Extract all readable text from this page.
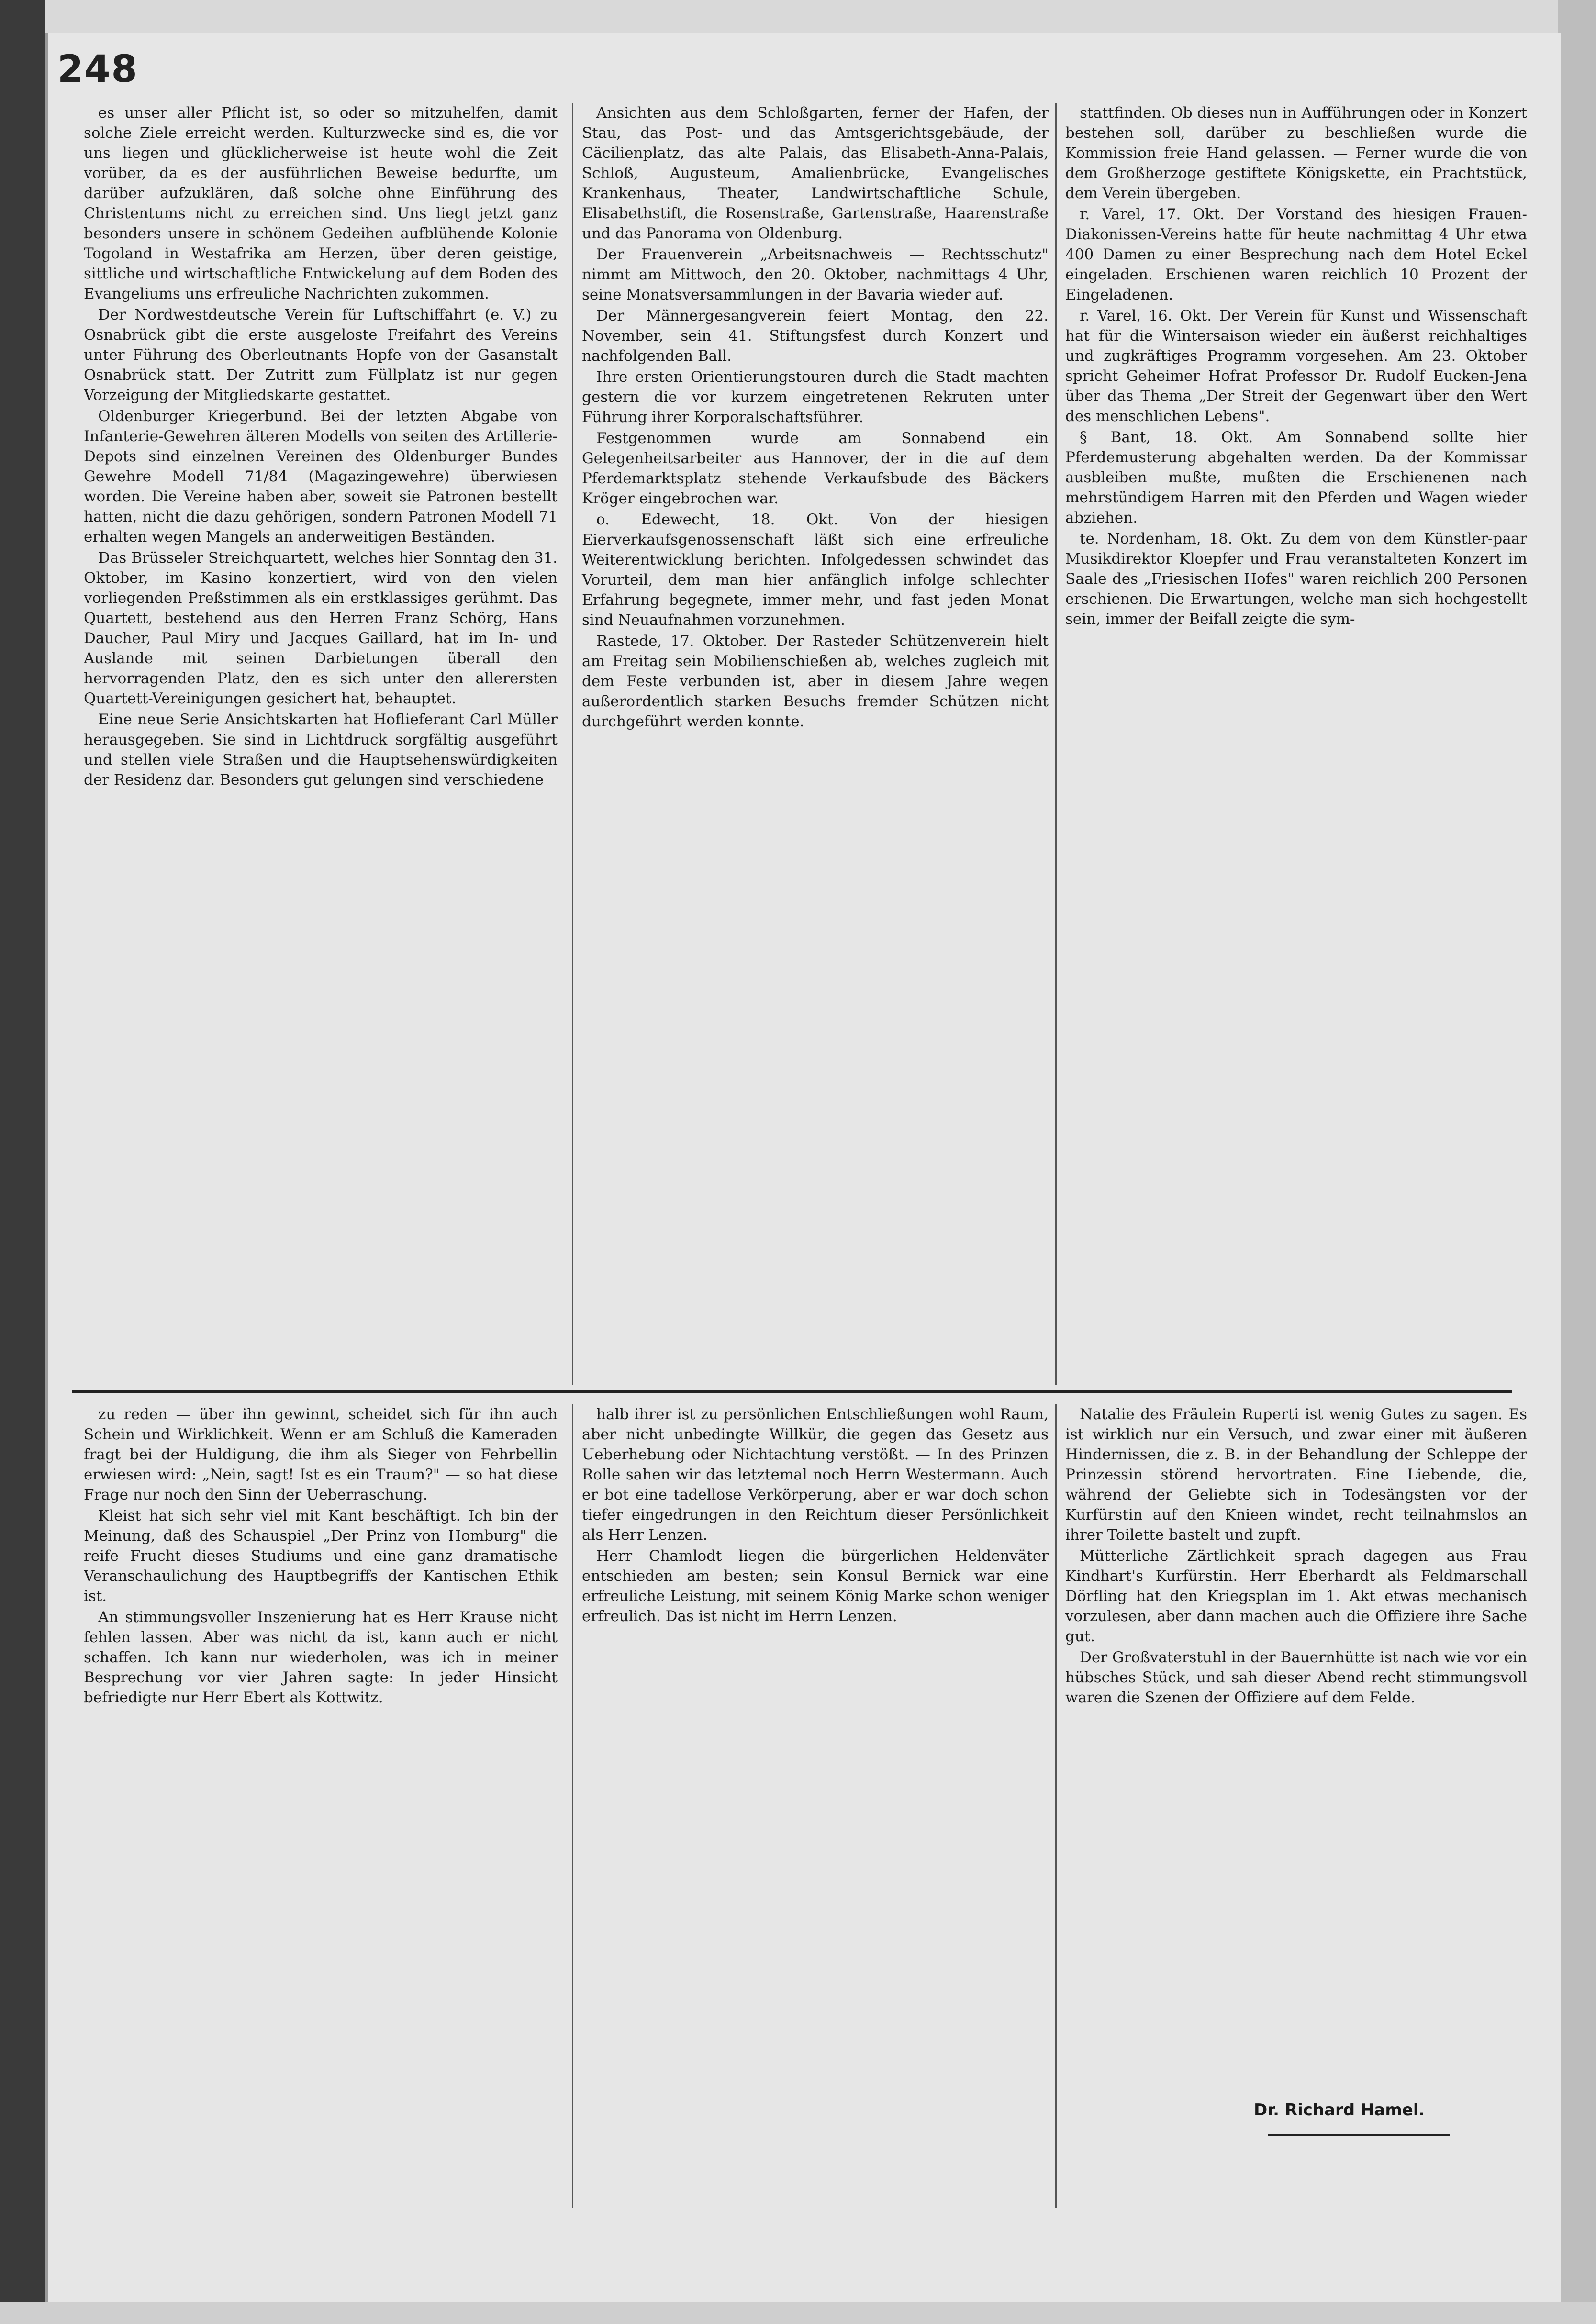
248

es unser aller Pflicht ist, so oder so mitzuhelfen, damit solche Ziele erreicht werden. Kulturzwecke sind es, die vor uns liegen und glücklicherweise ist heute wohl die Zeit vorüber, da es der ausführlichen Beweise bedurfte, um darüber aufzuklären, daß solche ohne Einführung des Christentums nicht zu erreichen sind. Uns liegt jetzt ganz besonders unsere in schönem Gedeihen aufblühende Kolonie Togoland in Westafrika am Herzen, über deren geistige, sittliche und wirtschaftliche Entwickelung auf dem Boden des Evangeliums uns erfreuliche Nachrichten zukommen.

Der Nordwestdeutsche Verein für Luftschiffahrt (e. V.) zu Osnabrück gibt die erste ausgeloste Freifahrt des Vereins unter Führung des Oberleutnants Hopfe von der Gasanstalt Osnabrück statt. Der Zutritt zum Füllplatz ist nur gegen Vorzeigung der Mitgliedskarte gestattet.

Oldenburger Kriegerbund. Bei der letzten Abgabe von Infanterie-Gewehren älteren Modells von seiten des Artillerie-Depots sind einzelnen Vereinen des Oldenburger Bundes Gewehre Modell 71/84 (Magazingewehre) überwiesen worden. Die Vereine haben aber, soweit sie Patronen bestellt hatten, nicht die dazu gehörigen, sondern Patronen Modell 71 erhalten wegen Mangels an anderweitigen Beständen.

Das Brüsseler Streichquartett, welches hier Sonntag den 31. Oktober, im Kasino konzertiert, wird von den vielen vorliegenden Preßstimmen als ein erstklassiges gerühmt. Das Quartett, bestehend aus den Herren Franz Schörg, Hans Daucher, Paul Miry und Jacques Gaillard, hat im In- und Auslande mit seinen Darbietungen überall den hervorragenden Platz, den es sich unter den allerersten Quartett-Vereinigungen gesichert hat, behauptet.

Eine neue Serie Ansichtskarten hat Hoflieferant Carl Müller herausgegeben. Sie sind in Lichtdruck sorgfältig ausgeführt und stellen viele Straßen und die Hauptsehenswürdigkeiten der Residenz dar. Besonders gut gelungen sind verschiedene

Ansichten aus dem Schloßgarten, ferner der Hafen, der Stau, das Post- und das Amtsgerichtsgebäude, der Cäcilienplatz, das alte Palais, das Elisabeth-Anna-Palais, Schloß, Augusteum, Amalienbrücke, Evangelisches Krankenhaus, Theater, Landwirtschaftliche Schule, Elisabethstift, die Rosenstraße, Gartenstraße, Haarenstraße und das Panorama von Oldenburg.

Der Frauenverein „Arbeitsnachweis — Rechtsschutz" nimmt am Mittwoch, den 20. Oktober, nachmittags 4 Uhr, seine Monatsversammlungen in der Bavaria wieder auf.

Der Männergesangverein feiert Montag, den 22. November, sein 41. Stiftungsfest durch Konzert und nachfolgenden Ball.

Ihre ersten Orientierungstouren durch die Stadt machten gestern die vor kurzem eingetretenen Rekruten unter Führung ihrer Korporalschaftsführer.

Festgenommen wurde am Sonnabend ein Gelegenheitsarbeiter aus Hannover, der in die auf dem Pferdemarktsplatz stehende Verkaufsbude des Bäckers Kröger eingebrochen war.

o. Edewecht, 18. Okt. Von der hiesigen Eierverkaufsgenossenschaft läßt sich eine erfreuliche Weiterentwicklung berichten. Infolgedessen schwindet das Vorurteil, dem man hier anfänglich infolge schlechter Erfahrung begegnete, immer mehr, und fast jeden Monat sind Neuaufnahmen vorzunehmen.

Rastede, 17. Oktober. Der Rasteder Schützenverein hielt am Freitag sein Mobilienschießen ab, welches zugleich mit dem Feste verbunden ist, aber in diesem Jahre wegen außerordentlich starken Besuchs fremder Schützen nicht durchgeführt werden konnte.

stattfinden. Ob dieses nun in Aufführungen oder in Konzert bestehen soll, darüber zu beschließen wurde die Kommission freie Hand gelassen. — Ferner wurde die von dem Großherzoge gestiftete Königskette, ein Prachtstück, dem Verein übergeben.

r. Varel, 17. Okt. Der Vorstand des hiesigen Frauen-Diakonissen-Vereins hatte für heute nachmittag 4 Uhr etwa 400 Damen zu einer Besprechung nach dem Hotel Eckel eingeladen. Erschienen waren reichlich 10 Prozent der Eingeladenen.

r. Varel, 16. Okt. Der Verein für Kunst und Wissenschaft hat für die Wintersaison wieder ein äußerst reichhaltiges und zugkräftiges Programm vorgesehen. Am 23. Oktober spricht Geheimer Hofrat Professor Dr. Rudolf Eucken-Jena über das Thema „Der Streit der Gegenwart über den Wert des menschlichen Lebens".

§ Bant, 18. Okt. Am Sonnabend sollte hier Pferdemusterung abgehalten werden. Da der Kommissar ausbleiben mußte, mußten die Erschienenen nach mehrstündigem Harren mit den Pferden und Wagen wieder abziehen.

te. Nordenham, 18. Okt. Zu dem von dem Künstler-paar Musikdirektor Kloepfer und Frau veranstalteten Konzert im Saale des „Friesischen Hofes" waren reichlich 200 Personen erschienen. Die Erwartungen, welche man sich hochgestellt sein, immer der Beifall zeigte die sym-

zu reden — über ihn gewinnt, scheidet sich für ihn auch Schein und Wirklichkeit. Wenn er am Schluß die Kameraden fragt bei der Huldigung, die ihm als Sieger von Fehrbellin erwiesen wird: „Nein, sagt! Ist es ein Traum?" — so hat diese Frage nur noch den Sinn der Ueberraschung.

Kleist hat sich sehr viel mit Kant beschäftigt. Ich bin der Meinung, daß des Schauspiel „Der Prinz von Homburg" die reife Frucht dieses Studiums und eine ganz dramatische Veranschaulichung des Hauptbegriffs der Kantischen Ethik ist.

An stimmungsvoller Inszenierung hat es Herr Krause nicht fehlen lassen. Aber was nicht da ist, kann auch er nicht schaffen. Ich kann nur wiederholen, was ich in meiner Besprechung vor vier Jahren sagte: In jeder Hinsicht befriedigte nur Herr Ebert als Kottwitz.

halb ihrer ist zu persönlichen Entschließungen wohl Raum, aber nicht unbedingte Willkür, die gegen das Gesetz aus Ueberhebung oder Nichtachtung verstößt. — In des Prinzen Rolle sahen wir das letztemal noch Herrn Westermann. Auch er bot eine tadellose Verkörperung, aber er war doch schon tiefer eingedrungen in den Reichtum dieser Persönlichkeit als Herr Lenzen.

Herr Chamlodt liegen die bürgerlichen Heldenväter entschieden am besten; sein Konsul Bernick war eine erfreuliche Leistung, mit seinem König Marke schon weniger erfreulich. Das ist nicht im Herrn Lenzen.

Natalie des Fräulein Ruperti ist wenig Gutes zu sagen. Es ist wirklich nur ein Versuch, und zwar einer mit äußeren Hindernissen, die z. B. in der Behandlung der Schleppe der Prinzessin störend hervortraten. Eine Liebende, die, während der Geliebte sich in Todesängsten vor der Kurfürstin auf den Knieen windet, recht teilnahmslos an ihrer Toilette bastelt und zupft.

Mütterliche Zärtlichkeit sprach dagegen aus Frau Kindhart's Kurfürstin. Herr Eberhardt als Feldmarschall Dörfling hat den Kriegsplan im 1. Akt etwas mechanisch vorzulesen, aber dann machen auch die Offiziere ihre Sache gut.

Der Großvaterstuhl in der Bauernhütte ist nach wie vor ein hübsches Stück, und sah dieser Abend recht stimmungsvoll waren die Szenen der Offiziere auf dem Felde.

Dr. Richard Hamel.
